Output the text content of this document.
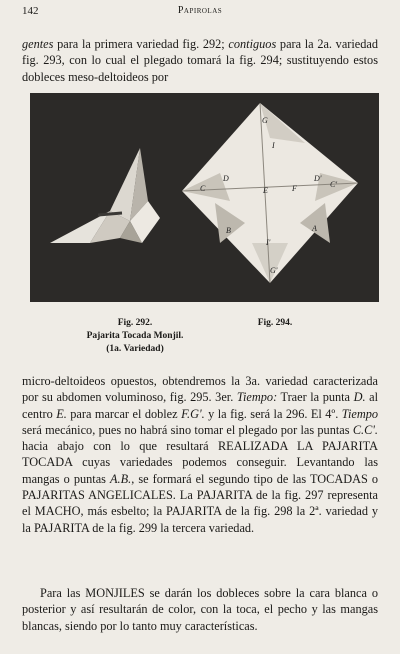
142	Papirolas

gentes para la primera variedad fig. 292; contiguos para la 2a. variedad fig. 293, con lo cual el plegado tomará la fig. 294; sustituyendo estos dobleces meso-deltoideos por

G
I
D	D'
E
C	C'
F
I'
G'
B	A
Fig. 292.
Pajarita Tocada Monjil.
(1a. Variedad)
Fig. 294.

micro-deltoideos opuestos, obtendremos la 3a. variedad caracterizada por su abdomen voluminoso, fig. 295. 3er. Tiempo: Traer la punta D. al centro E. para marcar el doblez F.G'. y la fig. será la 296. El 4º. Tiempo será mecánico, pues no habrá sino tomar el plegado por las puntas C.C'. hacia abajo con lo que resultará REALIZADA LA PAJARITA TOCADA cuyas variedades podemos conseguir. Levantando las mangas o puntas A.B., se formará el segundo tipo de las TOCADAS o PAJARITAS ANGELICALES. La PAJARITA de la fig. 297 representa el MACHO, más esbelto; la PAJARITA de la fig. 298 la 2ª. variedad y la PAJARITA de la fig. 299 la tercera variedad.

Para las MONJILES se darán los dobleces sobre la cara blanca o posterior y así resultarán de color, con la toca, el pecho y las mangas blancas, siendo por lo tanto muy características.
